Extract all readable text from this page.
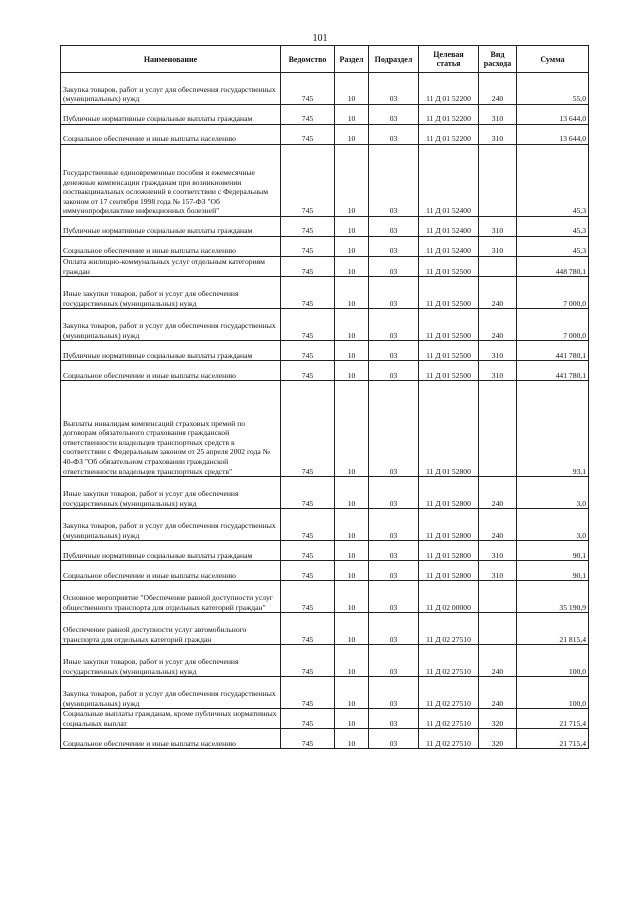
101
Наименование	Ведомство	Раздел	Подраздел	Целевая статья	Вид расхода	Сумма
Закупка товаров, работ и услуг для обеспечения государственных (муниципальных) нужд	745	10	03	11 Д 01 52200	240	55,0
Публичные нормативные социальные выплаты гражданам	745	10	03	11 Д 01 52200	310	13 644,0
Социальное обеспечение и иные выплаты населению	745	10	03	11 Д 01 52200	310	13 644,0
Государственные единовременные пособия и ежемесячные денежные компенсации гражданам при возникновении поствакцинальных осложнений в соответствии с Федеральным законом от 17 сентября 1998 года № 157-ФЗ "Об иммунопрофилактике инфекционных болезней"	745	10	03	11 Д 01 52400		45,3
Публичные нормативные социальные выплаты гражданам	745	10	03	11 Д 01 52400	310	45,3
Социальное обеспечение и иные выплаты населению	745	10	03	11 Д 01 52400	310	45,3
Оплата жилищно-коммунальных услуг отдельным категориям граждан	745	10	03	11 Д 01 52500		448 780,1
Иные закупки товаров, работ и услуг для обеспечения государственных (муниципальных) нужд	745	10	03	11 Д 01 52500	240	7 000,0
Закупка товаров, работ и услуг для обеспечения государственных (муниципальных) нужд	745	10	03	11 Д 01 52500	240	7 000,0
Публичные нормативные социальные выплаты гражданам	745	10	03	11 Д 01 52500	310	441 780,1
Социальное обеспечение и иные выплаты населению	745	10	03	11 Д 01 52500	310	441 780,1
Выплаты инвалидам компенсаций страховых премий по договорам обязательного страхования гражданской ответственности владельцев транспортных средств в соответствии с Федеральным законом от 25 апреля 2002 года № 40-ФЗ "Об обязательном страховании гражданской ответственности владельцев транспортных средств"	745	10	03	11 Д 01 52800		93,1
Иные закупки товаров, работ и услуг для обеспечения государственных (муниципальных) нужд	745	10	03	11 Д 01 52800	240	3,0
Закупка товаров, работ и услуг для обеспечения государственных (муниципальных) нужд	745	10	03	11 Д 01 52800	240	3,0
Публичные нормативные социальные выплаты гражданам	745	10	03	11 Д 01 52800	310	90,1
Социальное обеспечение и иные выплаты населению	745	10	03	11 Д 01 52800	310	90,1
Основное мероприятие "Обеспечение равной доступности услуг общественного транспорта для отдельных категорий граждан"	745	10	03	11 Д 02 00000		35 190,9
Обеспечение равной доступности услуг автомобильного транспорта для отдельных категорий граждан	745	10	03	11 Д 02 27510		21 815,4
Иные закупки товаров, работ и услуг для обеспечения государственных (муниципальных) нужд	745	10	03	11 Д 02 27510	240	100,0
Закупка товаров, работ и услуг для обеспечения государственных (муниципальных) нужд	745	10	03	11 Д 02 27510	240	100,0
Социальные выплаты гражданам, кроме публичных нормативных социальных выплат	745	10	03	11 Д 02 27510	320	21 715,4
Социальное обеспечение и иные выплаты населению	745	10	03	11 Д 02 27510	320	21 715,4
